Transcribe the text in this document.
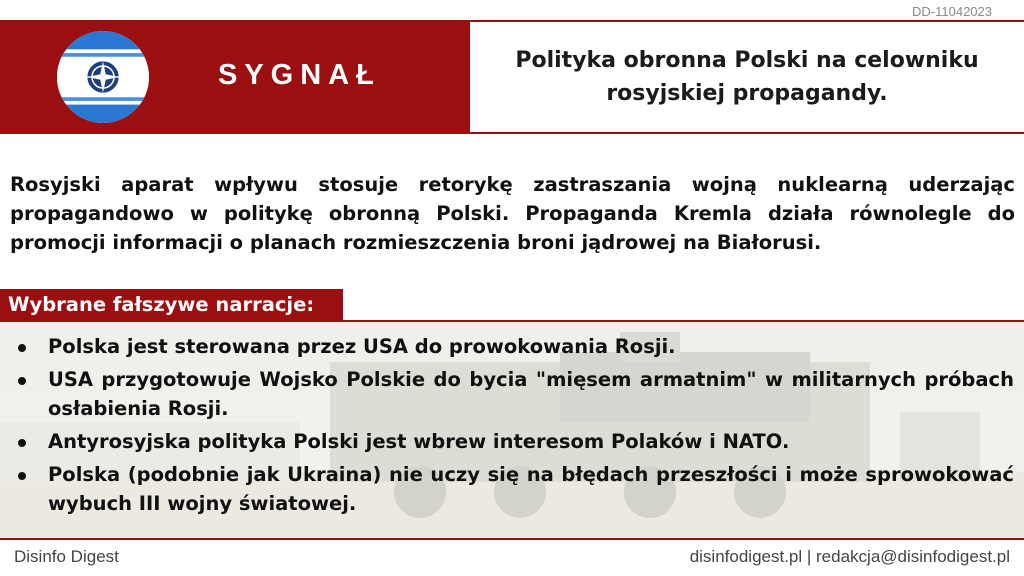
DD-11042023
SYGNAŁ	Polityka obronna Polski na celowniku rosyjskiej propagandy.
Rosyjski aparat wpływu stosuje retorykę zastraszania wojną nuklearną uderzając propagandowo w politykę obronną Polski. Propaganda Kremla działa równolegle do promocji informacji o planach rozmieszczenia broni jądrowej na Białorusi.
Wybrane fałszywe narracje:
Polska jest sterowana przez USA do prowokowania Rosji.
USA przygotowuje Wojsko Polskie do bycia "mięsem armatnim" w militarnych próbach osłabienia Rosji.
Antyrosyjska polityka Polski jest wbrew interesom Polaków i NATO.
Polska (podobnie jak Ukraina) nie uczy się na błędach przeszłości i może sprowokować wybuch III wojny światowej.
Disinfo Digest	disinfodigest.pl | redakcja@disinfodigest.pl
